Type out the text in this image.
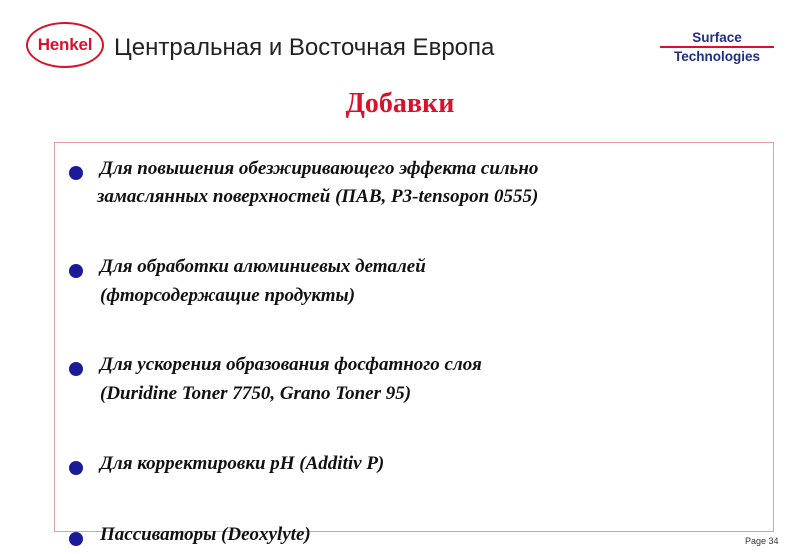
Henkel Центральная и Восточная Европа	Surface
Technologies
Добавки
Для повышения обезжиривающего эффекта сильно
замаслянных поверхностей (ПАВ, P3-tensopon 0555)
Для обработки алюминиевых деталей
(фторсодержащие продукты)
Для ускорения образования фосфатного слоя
(Duridine Toner 7750, Grano Toner 95)
Для корректировки pH (Additiv P)
Пассиваторы (Deoxylyte)	Page 34
